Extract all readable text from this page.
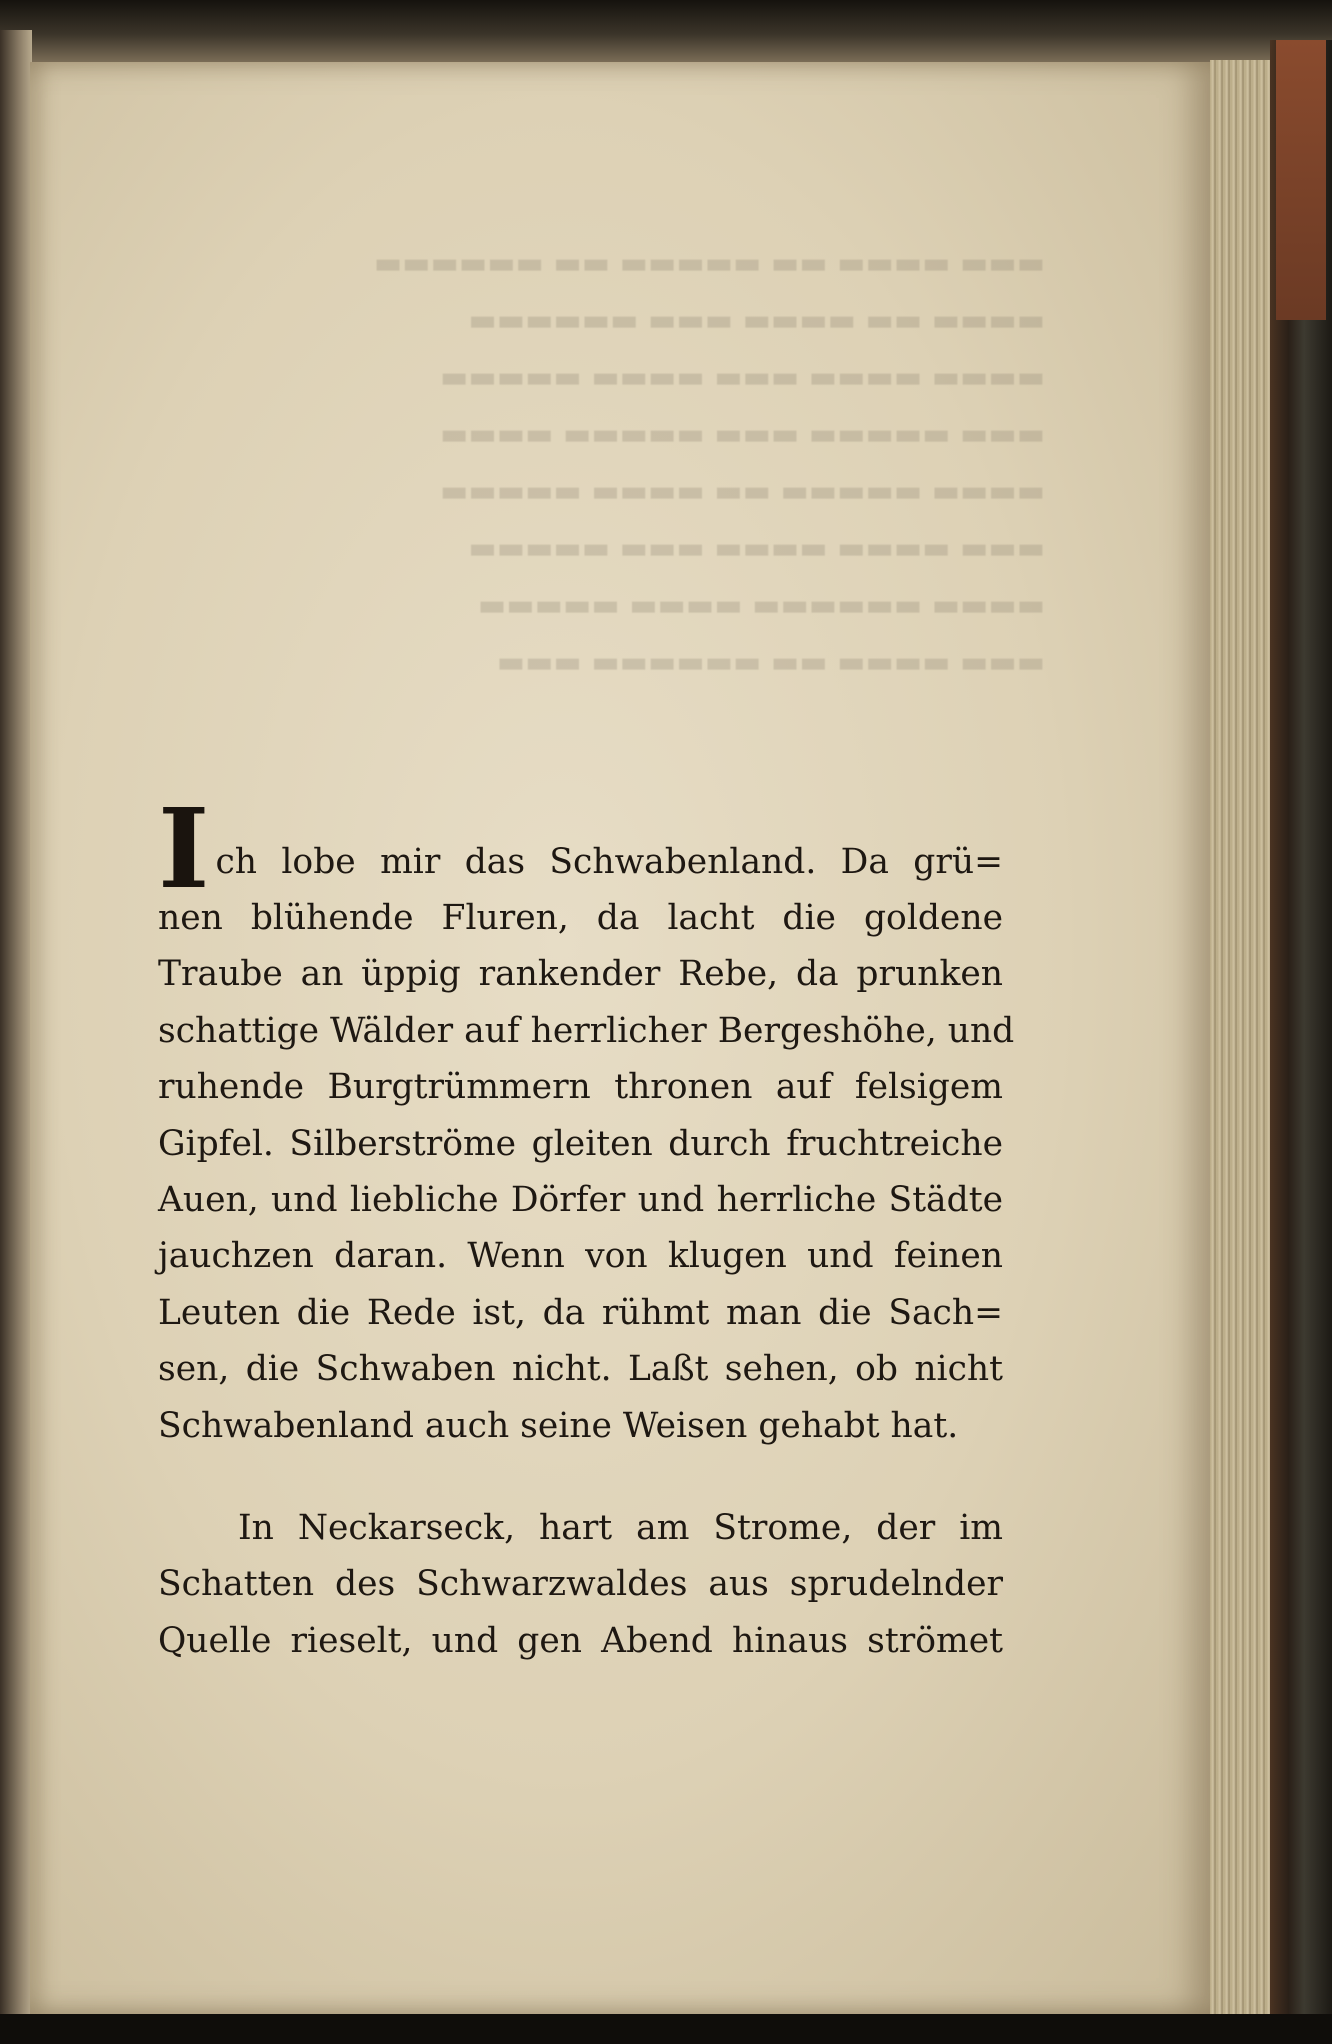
▬▬▬ ▬▬▬▬ ▬▬ ▬▬▬▬▬ ▬▬ ▬▬▬▬▬▬
▬▬▬▬ ▬▬ ▬▬▬▬ ▬▬▬ ▬▬▬▬▬▬
▬▬▬▬ ▬▬▬▬ ▬▬▬ ▬▬▬▬ ▬▬▬▬▬
▬▬▬ ▬▬▬▬▬ ▬▬▬ ▬▬▬▬▬ ▬▬▬▬
▬▬▬▬ ▬▬▬▬▬ ▬▬ ▬▬▬▬ ▬▬▬▬▬
▬▬▬ ▬▬▬▬ ▬▬▬▬ ▬▬▬ ▬▬▬▬▬
▬▬▬▬ ▬▬▬▬▬▬ ▬▬▬▬ ▬▬▬▬▬
▬▬▬ ▬▬▬▬ ▬▬ ▬▬▬▬▬▬ ▬▬▬
I ch lobe mir das Schwabenland. Da grü=
nen blühende Fluren, da lacht die goldene
Traube an üppig rankender Rebe, da prunken
schattige Wälder auf herrlicher Bergeshöhe, und
ruhende Burgtrümmern thronen auf felsigem
Gipfel. Silberströme gleiten durch fruchtreiche
Auen, und liebliche Dörfer und herrliche Städte
jauchzen daran. Wenn von klugen und feinen
Leuten die Rede ist, da rühmt man die Sach=
sen, die Schwaben nicht. Laßt sehen, ob nicht
Schwabenland auch seine Weisen gehabt hat.
In Neckarseck, hart am Strome, der im
Schatten des Schwarzwaldes aus sprudelnder
Quelle rieselt, und gen Abend hinaus strömet
